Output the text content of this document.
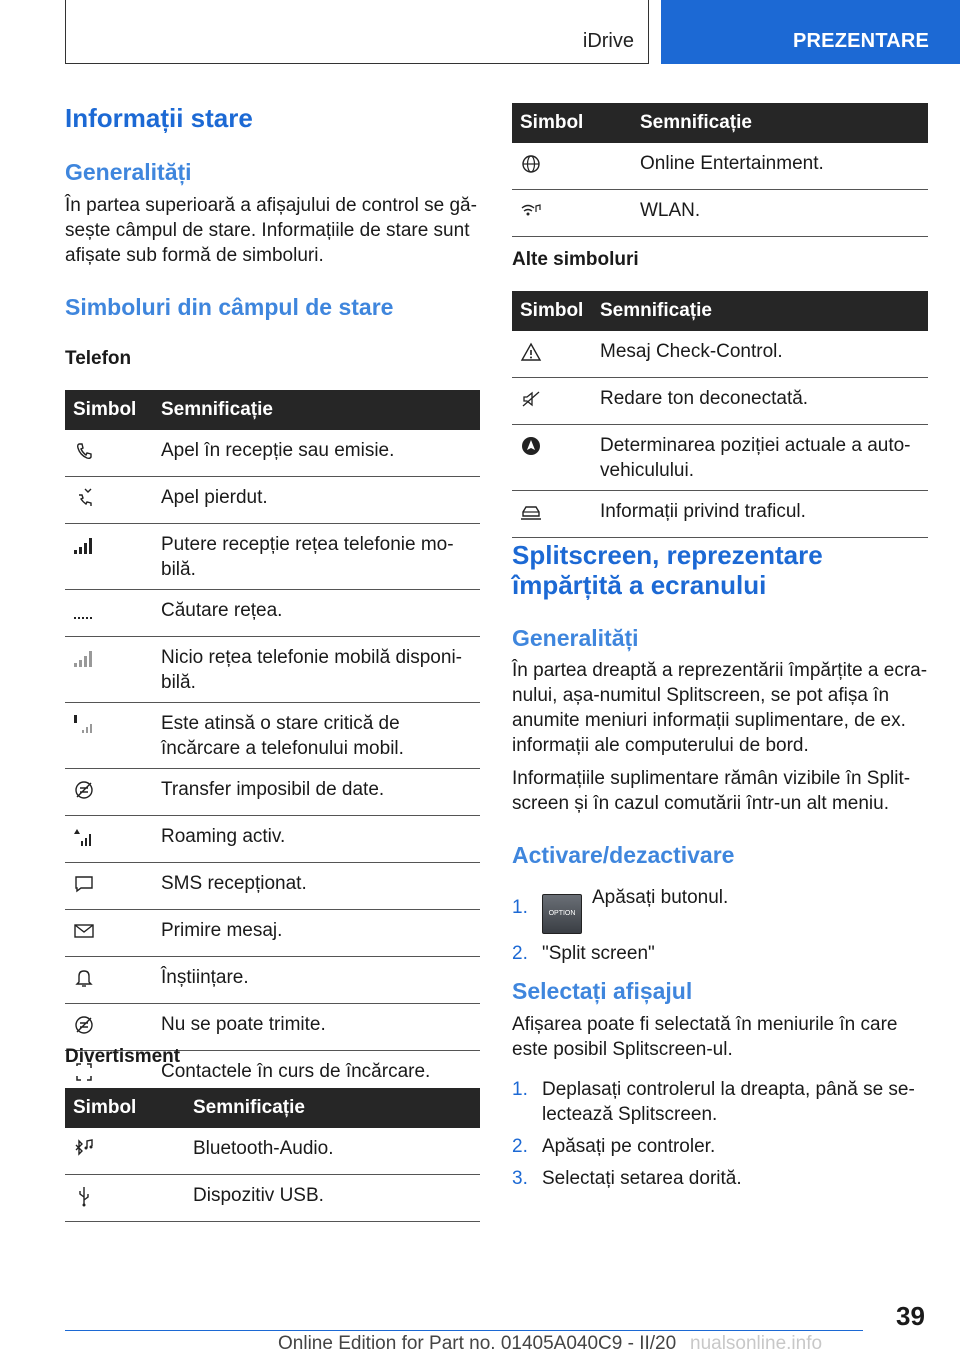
iDrive	PREZENTARE
Informații stare
Generalități

În partea superioară a afișajului de control se gă‐sește câmpul de stare. Informațiile de stare sunt afișate sub formă de simboluri.

Simboluri din câmpul de stare
Telefon
Simbol	Semnificație

	Apel în recepție sau emisie.

	Apel pierdut.

	Putere recepție rețea telefonie mo‐bilă.

	Căutare rețea.

	Nicio rețea telefonie mobilă disponi‐bilă.

	Este atinsă o stare critică de încărcare a telefonului mobil.

	Transfer imposibil de date.

	Roaming activ.

	SMS recepționat.

	Primire mesaj.

	Înștiințare.

	Nu se poate trimite.

	Contactele în curs de încărcare.
Divertisment
Simbol	Semnificație

	Bluetooth-Audio.

	Dispozitiv USB.
Simbol	Semnificație

	Online Entertainment.

	WLAN.
Alte simboluri
Simbol	Semnificație

	Mesaj Check-Control.

	Redare ton deconectată.

	Determinarea poziției actuale a auto‐vehiculului.

	Informații privind traficul.
Splitscreen, reprezentare
împărțită a ecranului
Generalități

În partea dreaptă a reprezentării împărțite a ecra‐nului, așa-numitul Splitscreen, se pot afișa în anumite meniuri informații suplimentare, de ex. informații ale computerului de bord.

Informațiile suplimentare rămân vizibile în Split‐screen și în cazul comutării într-un alt meniu.

Activare/dezactivare
1.	OPTIONApăsați butonul.
2. "Split screen"
Selectați afișajul

Afișarea poate fi selectată în meniurile în care este posibil Splitscreen-ul.

1. Deplasați controlerul la dreapta, până se se‐lectează Splitscreen.
2. Apăsați pe controler.
3. Selectați setarea dorită.
39
Online Edition for Part no. 01405A040C9 - II/20 nualsonline.info
